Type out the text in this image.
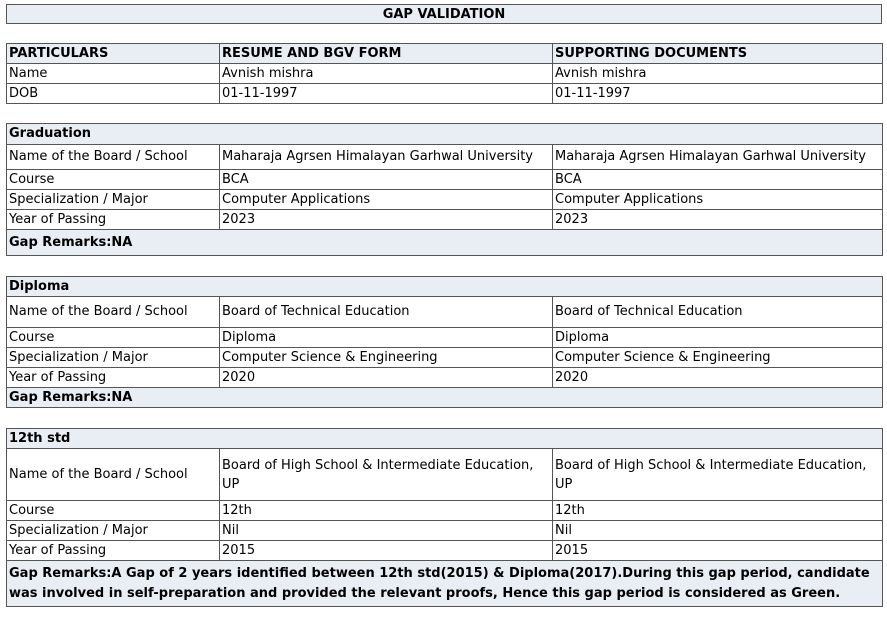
GAP VALIDATION
PARTICULARS	RESUME AND BGV FORM	SUPPORTING DOCUMENTS
Name	Avnish mishra	Avnish mishra
DOB	01-11-1997	01-11-1997
Graduation		
Name of the Board / School	Maharaja Agrsen Himalayan Garhwal University	Maharaja Agrsen Himalayan Garhwal University
Course	BCA	BCA
Specialization / Major	Computer Applications	Computer Applications
Year of Passing	2023	2023
Gap Remarks:NA		
Diploma		
Name of the Board / School	Board of Technical Education	Board of Technical Education
Course	Diploma	Diploma
Specialization / Major	Computer Science & Engineering	Computer Science & Engineering
Year of Passing	2020	2020
Gap Remarks:NA		
12th std		
Name of the Board / School	Board of High School & Intermediate Education, UP	Board of High School & Intermediate Education, UP
Course	12th	12th
Specialization / Major	Nil	Nil
Year of Passing	2015	2015
Gap Remarks:A Gap of 2 years identified between 12th std(2015) & Diploma(2017).During this gap period, candidate was involved in self-preparation and provided the relevant proofs, Hence this gap period is considered as Green.		
